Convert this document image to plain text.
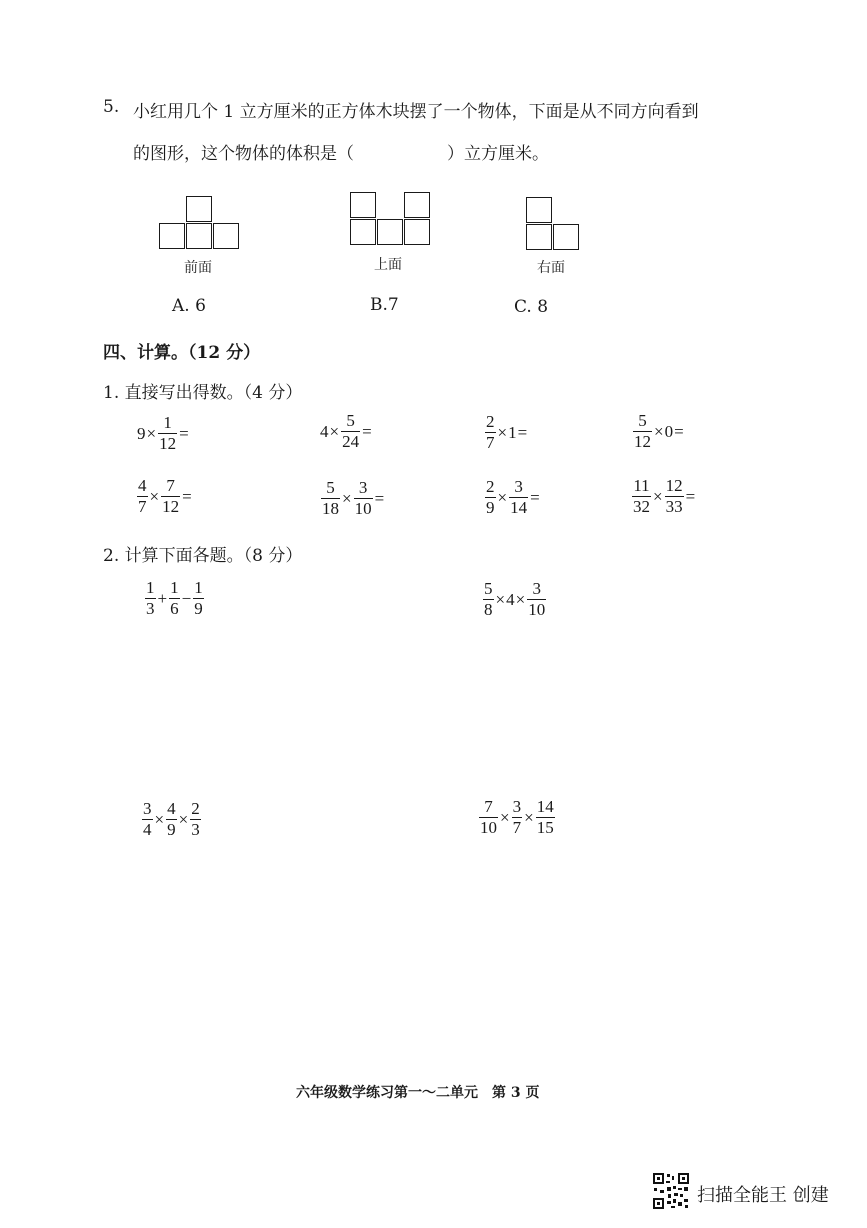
5. 小红用几个 1 立方厘米的正方体木块摆了一个物体，下面是从不同方向看到
的图形，这个物体的体积是（	）立方厘米。
前面	上面	右面
A. 6	B.7	C. 8
四、计算。（12 分）
1. 直接写出得数。（4 分）
$9 \times \frac{1}{12}$ =	$4 \times \frac{5}{24}$ =	$\frac{2}{7} \times 1$ =	$\frac{5}{12} \times 0$ =
$\frac{4}{7} \times \frac{7}{12}$ =	$\frac{5}{18} \times \frac{3}{10}$ =	$\frac{2}{9} \times \frac{3}{14}$ =	$\frac{11}{32} \times \frac{12}{33}$ =
2. 计算下面各题。（8 分）
$\frac{1}{3} + \frac{1}{6} - \frac{1}{9}$	$\frac{5}{8} \times 4 \times \frac{3}{10}$
$\frac{3}{4} \times \frac{4}{9} \times \frac{2}{3}$	$\frac{7}{10} \times \frac{3}{7} \times \frac{14}{15}$
六年级数学练习第一～二单元　第 3 页
扫描全能王 创建
